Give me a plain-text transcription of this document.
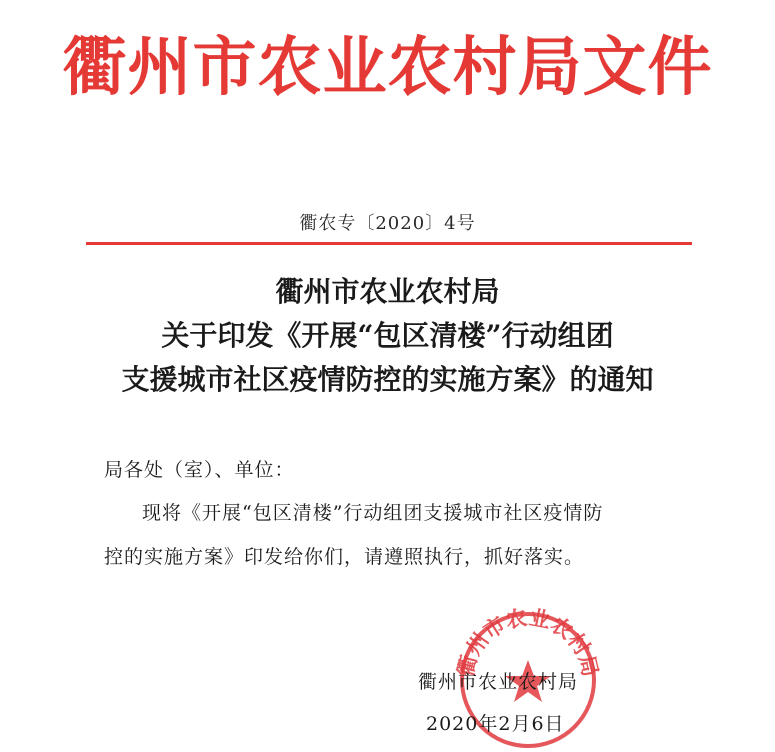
衢州市农业农村局文件
衢农专〔2020〕4号
衢州市农业农村局
关于印发《开展“包区清楼”行动组团
支援城市社区疫情防控的实施方案》的通知
局各处（室）、单位：
现将《开展“包区清楼”行动组团支援城市社区疫情防
控的实施方案》印发给你们，请遵照执行，抓好落实。
衢州市农业农村局
衢州市农业农村局
2020年2月6日
